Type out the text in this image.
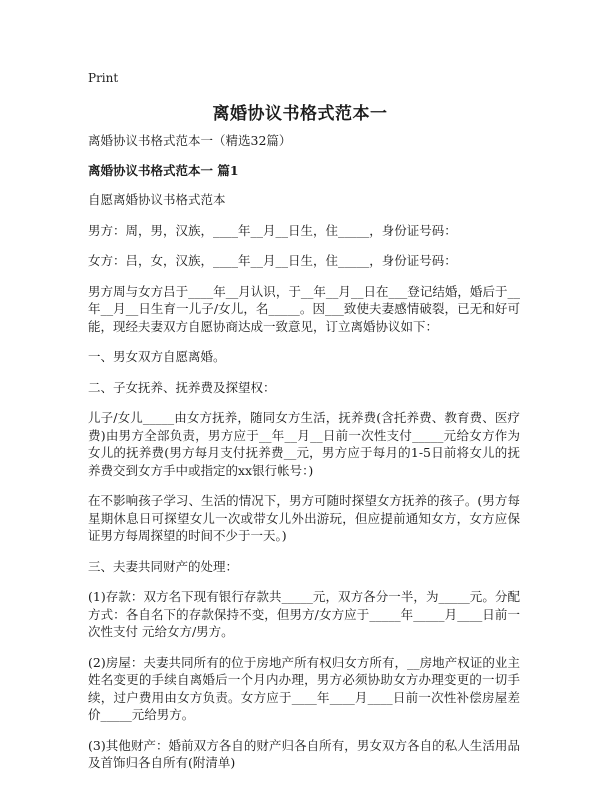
Print
离婚协议书格式范本一

离婚协议书格式范本一（精选32篇）

离婚协议书格式范本一 篇1

自愿离婚协议书格式范本

男方：周，男，汉族，____年__月__日生，住_____，身份证号码：

女方：吕，女，汉族，____年__月__日生，住_____，身份证号码：

男方周与女方吕于____年__月认识，于__年__月__日在___登记结婚，婚后于__年__月__日生育一儿子/女儿，名_____。因___致使夫妻感情破裂，已无和好可能，现经夫妻双方自愿协商达成一致意见，订立离婚协议如下：

一、男女双方自愿离婚。

二、子女抚养、抚养费及探望权：

儿子/女儿_____由女方抚养，随同女方生活，抚养费(含托养费、教育费、医疗费)由男方全部负责，男方应于__年__月__日前一次性支付_____元给女方作为女儿的抚养费(男方每月支付抚养费__元，男方应于每月的1-5日前将女儿的抚养费交到女方手中或指定的xx银行帐号：)

在不影响孩子学习、生活的情况下，男方可随时探望女方抚养的孩子。(男方每星期休息日可探望女儿一次或带女儿外出游玩，但应提前通知女方，女方应保证男方每周探望的时间不少于一天。)

三、夫妻共同财产的处理：

(1)存款：双方名下现有银行存款共_____元，双方各分一半，为_____元。分配方式：各自名下的存款保持不变，但男方/女方应于_____年_____月____日前一次性支付 元给女方/男方。

(2)房屋：夫妻共同所有的位于房地产所有权归女方所有，__房地产权证的业主姓名变更的手续自离婚后一个月内办理，男方必须协助女方办理变更的一切手续，过户费用由女方负责。女方应于____年____月____日前一次性补偿房屋差价_____元给男方。

(3)其他财产：婚前双方各自的财产归各自所有，男女双方各自的私人生活用品及首饰归各自所有(附清单)
